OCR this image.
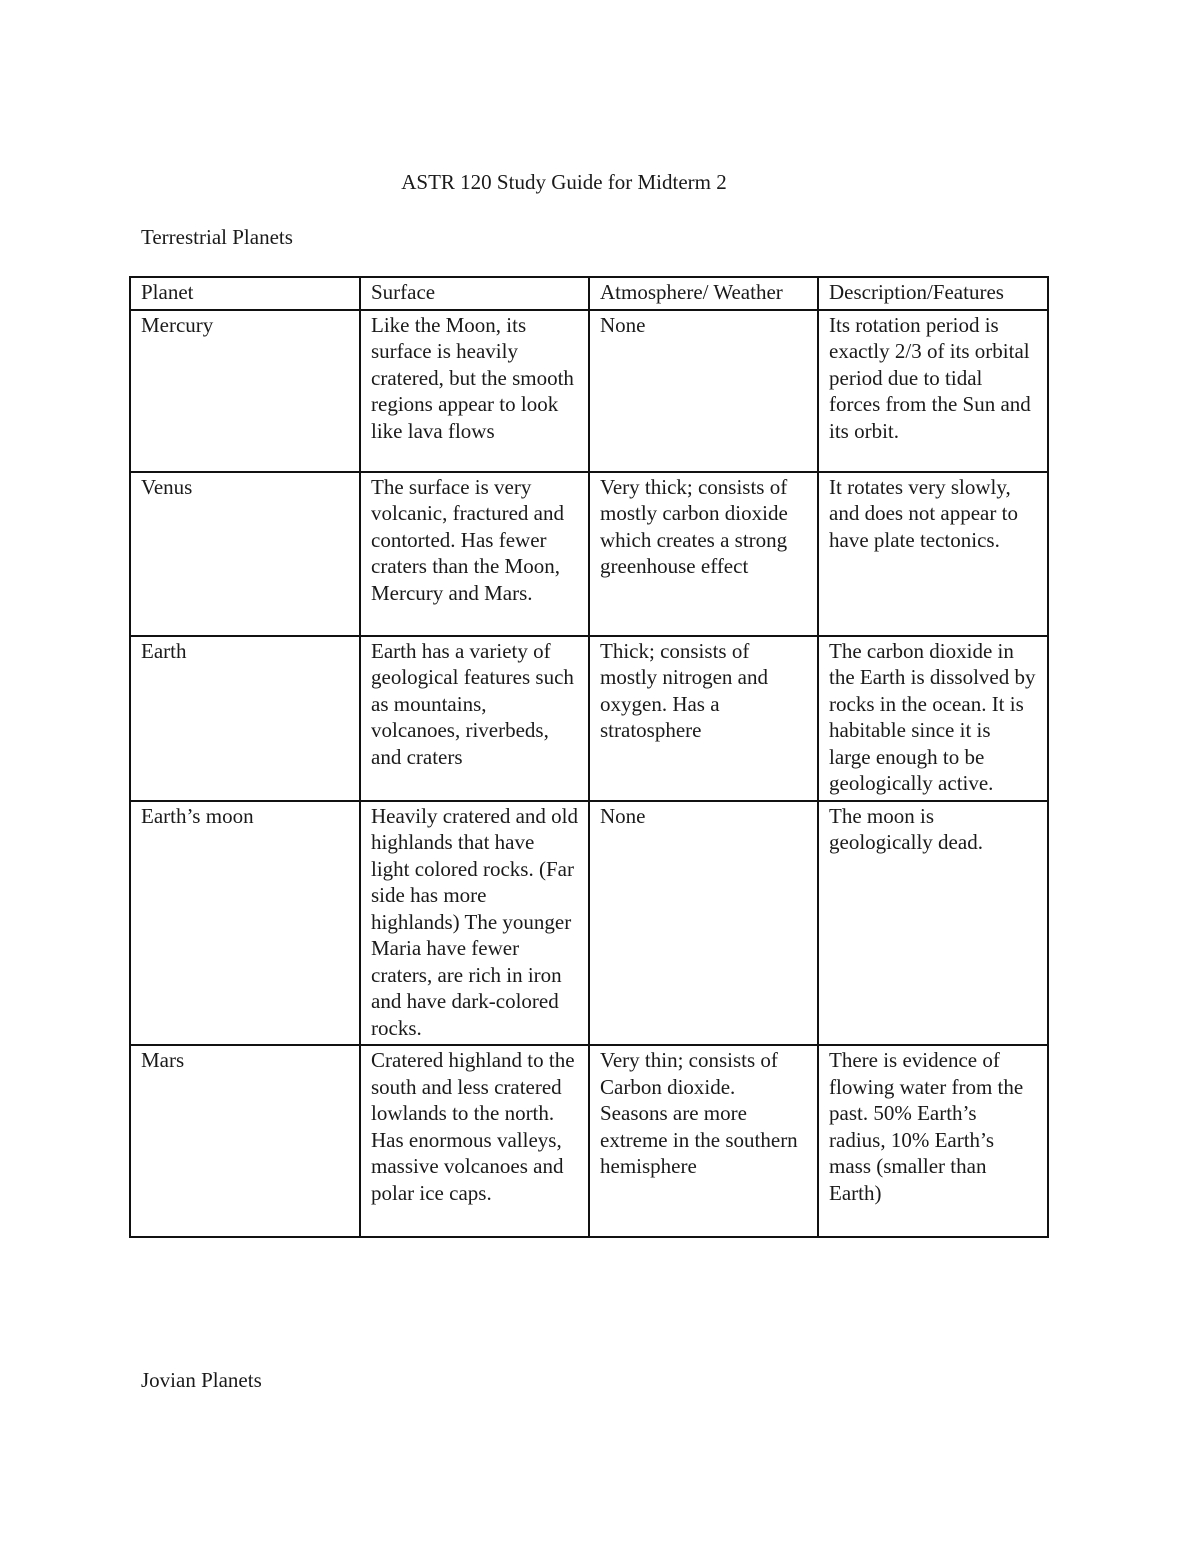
ASTR 120 Study Guide for Midterm 2
Terrestrial Planets
Planet	Surface	Atmosphere/ Weather	Description/Features
Mercury	Like the Moon, its surface is heavily cratered, but the smooth regions appear to look like lava flows	None	Its rotation period is exactly 2/3 of its orbital period due to tidal forces from the Sun and its orbit.
Venus	The surface is very volcanic, fractured and contorted. Has fewer craters than the Moon, Mercury and Mars.	Very thick; consists of mostly carbon dioxide which creates a strong greenhouse effect	It rotates very slowly, and does not appear to have plate tectonics.
Earth	Earth has a variety of geological features such as mountains, volcanoes, riverbeds, and craters	Thick; consists of mostly nitrogen and oxygen. Has a stratosphere	The carbon dioxide in the Earth is dissolved by rocks in the ocean. It is habitable since it is large enough to be geologically active.
Earth’s moon	Heavily cratered and old highlands that have light colored rocks. (Far side has more highlands) The younger Maria have fewer craters, are rich in iron and have dark-colored rocks.	None	The moon is geologically dead.
Mars	Cratered highland to the south and less cratered lowlands to the north. Has enormous valleys, massive volcanoes and polar ice caps.	Very thin; consists of Carbon dioxide. Seasons are more extreme in the southern hemisphere	There is evidence of flowing water from the past. 50% Earth’s radius, 10% Earth’s mass (smaller than Earth)
Jovian Planets
